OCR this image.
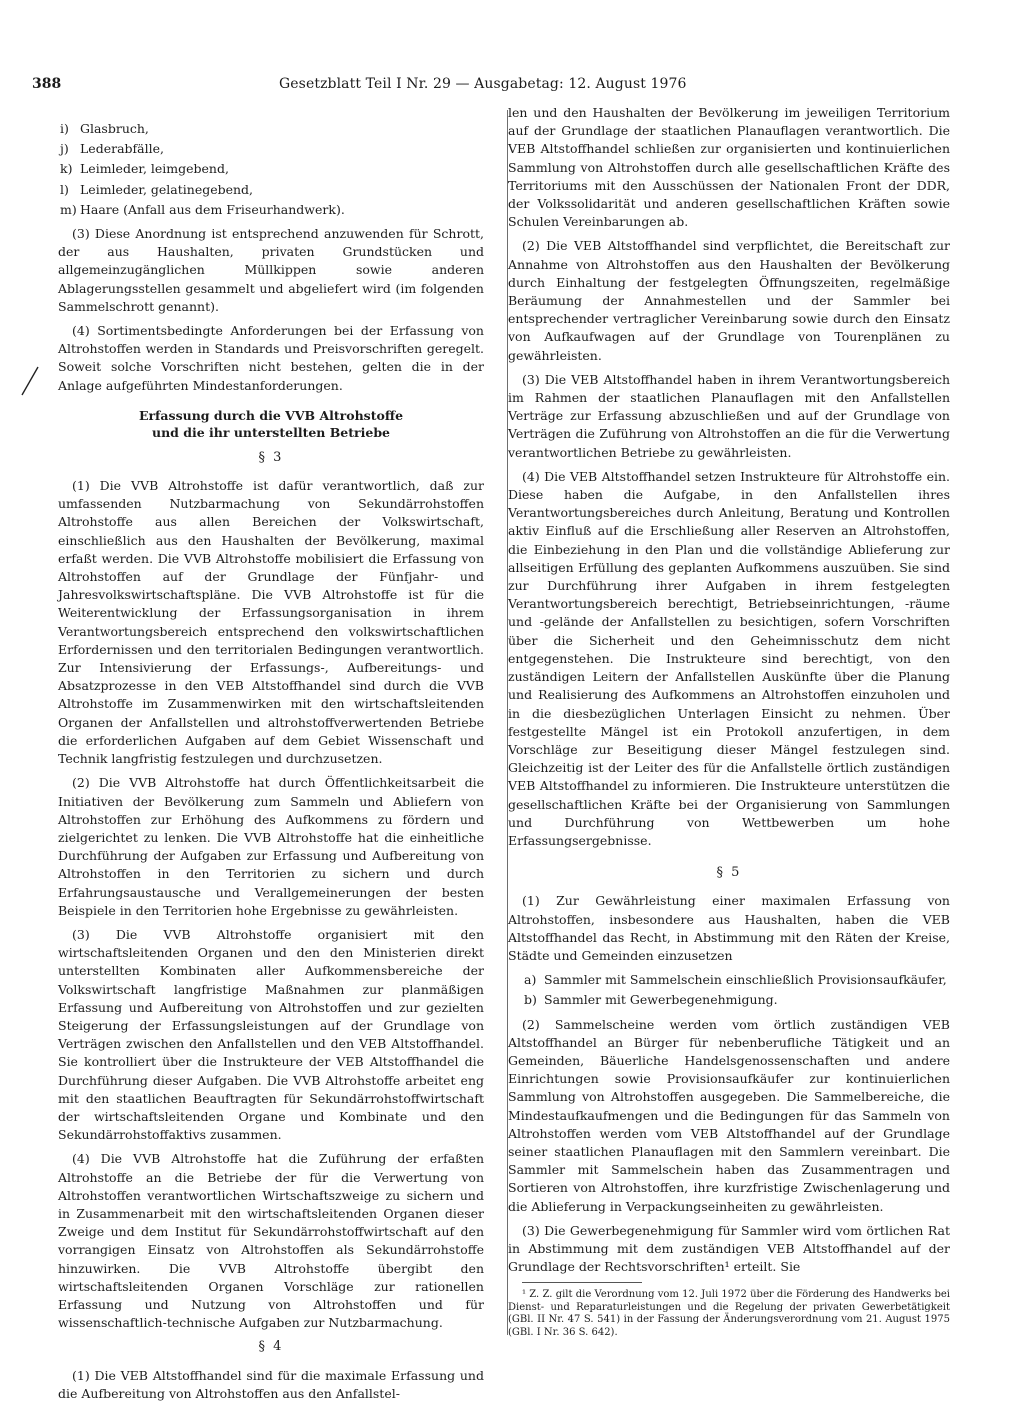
388	Gesetzblatt Teil I Nr. 29 — Ausgabetag: 12. August 1976
i) Glasbruch,
j) Lederabfälle,
k) Leimleder, leimgebend,
l) Leimleder, gelatinegebend,
m) Haare (Anfall aus dem Friseurhandwerk).

(3) Diese Anordnung ist entsprechend anzuwenden für Schrott, der aus Haushalten, privaten Grundstücken und allgemeinzugänglichen Müllkippen sowie anderen Ablagerungsstellen gesammelt und abgeliefert wird (im folgenden Sammelschrott genannt).

(4) Sortimentsbedingte Anforderungen bei der Erfassung von Altrohstoffen werden in Standards und Preisvorschriften geregelt. Soweit solche Vorschriften nicht bestehen, gelten die in der Anlage aufgeführten Mindestanforderungen.

Erfassung durch die VVB Altrohstoffe
und die ihr unterstellten Betriebe
§ 3

(1) Die VVB Altrohstoffe ist dafür verantwortlich, daß zur umfassenden Nutzbarmachung von Sekundärrohstoffen Altrohstoffe aus allen Bereichen der Volkswirtschaft, einschließlich aus den Haushalten der Bevölkerung, maximal erfaßt werden. Die VVB Altrohstoffe mobilisiert die Erfassung von Altrohstoffen auf der Grundlage der Fünfjahr- und Jahresvolkswirtschaftspläne. Die VVB Altrohstoffe ist für die Weiterentwicklung der Erfassungsorganisation in ihrem Verantwortungsbereich entsprechend den volkswirtschaftlichen Erfordernissen und den territorialen Bedingungen verantwortlich. Zur Intensivierung der Erfassungs-, Aufbereitungs- und Absatzprozesse in den VEB Altstoffhandel sind durch die VVB Altrohstoffe im Zusammenwirken mit den wirtschaftsleitenden Organen der Anfallstellen und altrohstoffverwertenden Betriebe die erforderlichen Aufgaben auf dem Gebiet Wissenschaft und Technik langfristig festzulegen und durchzusetzen.

(2) Die VVB Altrohstoffe hat durch Öffentlichkeitsarbeit die Initiativen der Bevölkerung zum Sammeln und Abliefern von Altrohstoffen zur Erhöhung des Aufkommens zu fördern und zielgerichtet zu lenken. Die VVB Altrohstoffe hat die einheitliche Durchführung der Aufgaben zur Erfassung und Aufbereitung von Altrohstoffen in den Territorien zu sichern und durch Erfahrungsaustausche und Verallgemeinerungen der besten Beispiele in den Territorien hohe Ergebnisse zu gewährleisten.

(3) Die VVB Altrohstoffe organisiert mit den wirtschaftsleitenden Organen und den den Ministerien direkt unterstellten Kombinaten aller Aufkommensbereiche der Volkswirtschaft langfristige Maßnahmen zur planmäßigen Erfassung und Aufbereitung von Altrohstoffen und zur gezielten Steigerung der Erfassungsleistungen auf der Grundlage von Verträgen zwischen den Anfallstellen und den VEB Altstoffhandel. Sie kontrolliert über die Instrukteure der VEB Altstoffhandel die Durchführung dieser Aufgaben. Die VVB Altrohstoffe arbeitet eng mit den staatlichen Beauftragten für Sekundärrohstoffwirtschaft der wirtschaftsleitenden Organe und Kombinate und den Sekundärrohstoffaktivs zusammen.

(4) Die VVB Altrohstoffe hat die Zuführung der erfaßten Altrohstoffe an die Betriebe der für die Verwertung von Altrohstoffen verantwortlichen Wirtschaftszweige zu sichern und in Zusammenarbeit mit den wirtschaftsleitenden Organen dieser Zweige und dem Institut für Sekundärrohstoffwirtschaft auf den vorrangigen Einsatz von Altrohstoffen als Sekundärrohstoffe hinzuwirken. Die VVB Altrohstoffe übergibt den wirtschaftsleitenden Organen Vorschläge zur rationellen Erfassung und Nutzung von Altrohstoffen und für wissenschaftlich-technische Aufgaben zur Nutzbarmachung.

§ 4

(1) Die VEB Altstoffhandel sind für die maximale Erfassung und die Aufbereitung von Altrohstoffen aus den Anfallstel-

len und den Haushalten der Bevölkerung im jeweiligen Territorium auf der Grundlage der staatlichen Planauflagen verantwortlich. Die VEB Altstoffhandel schließen zur organisierten und kontinuierlichen Sammlung von Altrohstoffen durch alle gesellschaftlichen Kräfte des Territoriums mit den Ausschüssen der Nationalen Front der DDR, der Volkssolidarität und anderen gesellschaftlichen Kräften sowie Schulen Vereinbarungen ab.

(2) Die VEB Altstoffhandel sind verpflichtet, die Bereitschaft zur Annahme von Altrohstoffen aus den Haushalten der Bevölkerung durch Einhaltung der festgelegten Öffnungszeiten, regelmäßige Beräumung der Annahmestellen und der Sammler bei entsprechender vertraglicher Vereinbarung sowie durch den Einsatz von Aufkaufwagen auf der Grundlage von Tourenplänen zu gewährleisten.

(3) Die VEB Altstoffhandel haben in ihrem Verantwortungsbereich im Rahmen der staatlichen Planauflagen mit den Anfallstellen Verträge zur Erfassung abzuschließen und auf der Grundlage von Verträgen die Zuführung von Altrohstoffen an die für die Verwertung verantwortlichen Betriebe zu gewährleisten.

(4) Die VEB Altstoffhandel setzen Instrukteure für Altrohstoffe ein. Diese haben die Aufgabe, in den Anfallstellen ihres Verantwortungsbereiches durch Anleitung, Beratung und Kontrollen aktiv Einfluß auf die Erschließung aller Reserven an Altrohstoffen, die Einbeziehung in den Plan und die vollständige Ablieferung zur allseitigen Erfüllung des geplanten Aufkommens auszuüben. Sie sind zur Durchführung ihrer Aufgaben in ihrem festgelegten Verantwortungsbereich berechtigt, Betriebseinrichtungen, -räume und -gelände der Anfallstellen zu besichtigen, sofern Vorschriften über die Sicherheit und den Geheimnisschutz dem nicht entgegenstehen. Die Instrukteure sind berechtigt, von den zuständigen Leitern der Anfallstellen Auskünfte über die Planung und Realisierung des Aufkommens an Altrohstoffen einzuholen und in die diesbezüglichen Unterlagen Einsicht zu nehmen. Über festgestellte Mängel ist ein Protokoll anzufertigen, in dem Vorschläge zur Beseitigung dieser Mängel festzulegen sind. Gleichzeitig ist der Leiter des für die Anfallstelle örtlich zuständigen VEB Altstoffhandel zu informieren. Die Instrukteure unterstützen die gesellschaftlichen Kräfte bei der Organisierung von Sammlungen und Durchführung von Wettbewerben um hohe Erfassungsergebnisse.

§ 5

(1) Zur Gewährleistung einer maximalen Erfassung von Altrohstoffen, insbesondere aus Haushalten, haben die VEB Altstoffhandel das Recht, in Abstimmung mit den Räten der Kreise, Städte und Gemeinden einzusetzen

a) Sammler mit Sammelschein einschließlich Provisionsaufkäufer,
b) Sammler mit Gewerbegenehmigung.

(2) Sammelscheine werden vom örtlich zuständigen VEB Altstoffhandel an Bürger für nebenberufliche Tätigkeit und an Gemeinden, Bäuerliche Handelsgenossenschaften und andere Einrichtungen sowie Provisionsaufkäufer zur kontinuierlichen Sammlung von Altrohstoffen ausgegeben. Die Sammelbereiche, die Mindestaufkaufmengen und die Bedingungen für das Sammeln von Altrohstoffen werden vom VEB Altstoffhandel auf der Grundlage seiner staatlichen Planauflagen mit den Sammlern vereinbart. Die Sammler mit Sammelschein haben das Zusammentragen und Sortieren von Altrohstoffen, ihre kurzfristige Zwischenlagerung und die Ablieferung in Verpackungseinheiten zu gewährleisten.

(3) Die Gewerbegenehmigung für Sammler wird vom örtlichen Rat in Abstimmung mit dem zuständigen VEB Altstoffhandel auf der Grundlage der Rechtsvorschriften¹ erteilt. Sie

¹ Z. Z. gilt die Verordnung vom 12. Juli 1972 über die Förderung des Handwerks bei Dienst- und Reparaturleistungen und die Regelung der privaten Gewerbetätigkeit (GBl. II Nr. 47 S. 541) in der Fassung der Änderungsverordnung vom 21. August 1975 (GBl. I Nr. 36 S. 642).
